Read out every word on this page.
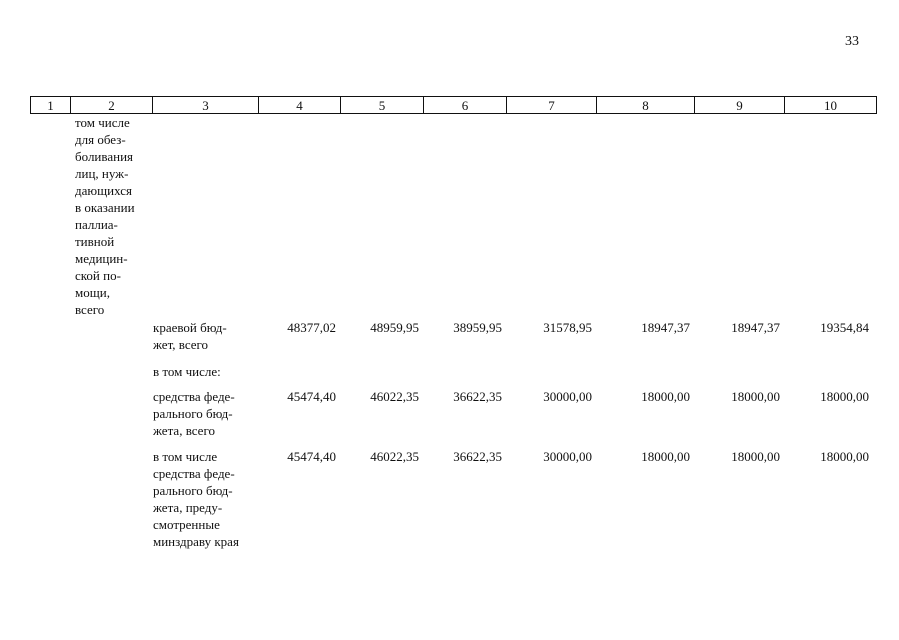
33
1	2	3	4	5	6	7	8	9	10
том числе
для обез-
боливания
лиц, нуж-
дающихся
в оказании
паллиа-
тивной
медицин-
ской по-
мощи,
всего
краевой бюд-
жет, всего
48377,02	48959,95	38959,95	31578,95	18947,37	18947,37	19354,84
в том числе:
средства феде-
рального бюд-
жета, всего
45474,40	46022,35	36622,35	30000,00	18000,00	18000,00	18000,00
в том числе
средства феде-
рального бюд-
жета, преду-
смотренные
минздраву края
45474,40	46022,35	36622,35	30000,00	18000,00	18000,00	18000,00
